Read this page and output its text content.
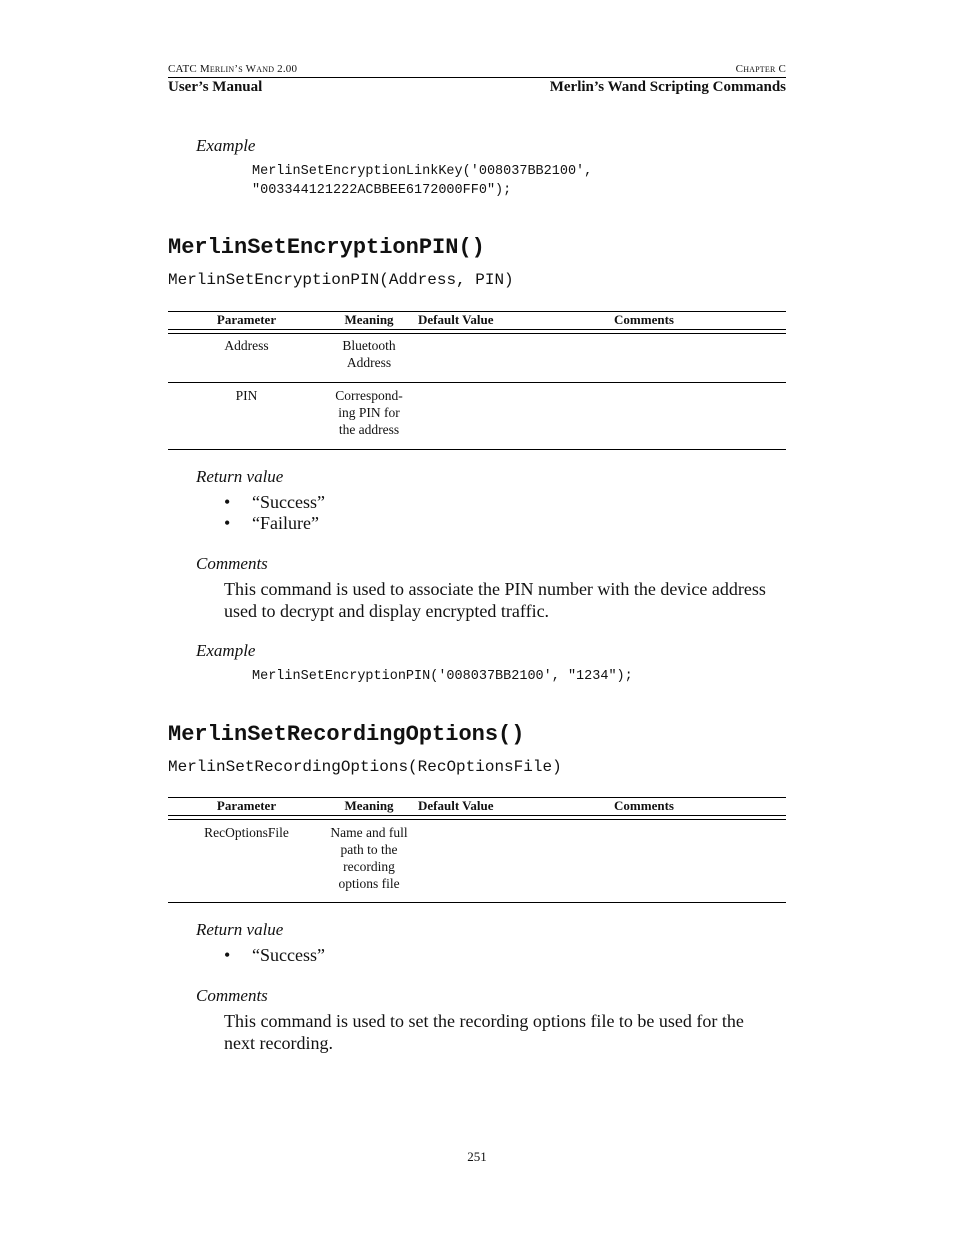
CATC Merlin’s Wand 2.00	Chapter C
User’s Manual	Merlin’s Wand Scripting Commands
Example
MerlinSetEncryptionLinkKey('008037BB2100',
"003344121222ACBBEE6172000FF0");
MerlinSetEncryptionPIN()
MerlinSetEncryptionPIN(Address, PIN)
Parameter	Meaning	Default Value	Comments
Address	Bluetooth
Address
PIN	Correspond-
ing PIN for
the address
Return value
• “Success”
• “Failure”
Comments
This command is used to associate the PIN number with the device address
used to decrypt and display encrypted traffic.
Example
MerlinSetEncryptionPIN('008037BB2100', "1234");
MerlinSetRecordingOptions()
MerlinSetRecordingOptions(RecOptionsFile)
Parameter	Meaning	Default Value	Comments
RecOptionsFile	Name and full
path to the
recording
options file
Return value
• “Success”
Comments
This command is used to set the recording options file to be used for the
next recording.
251
